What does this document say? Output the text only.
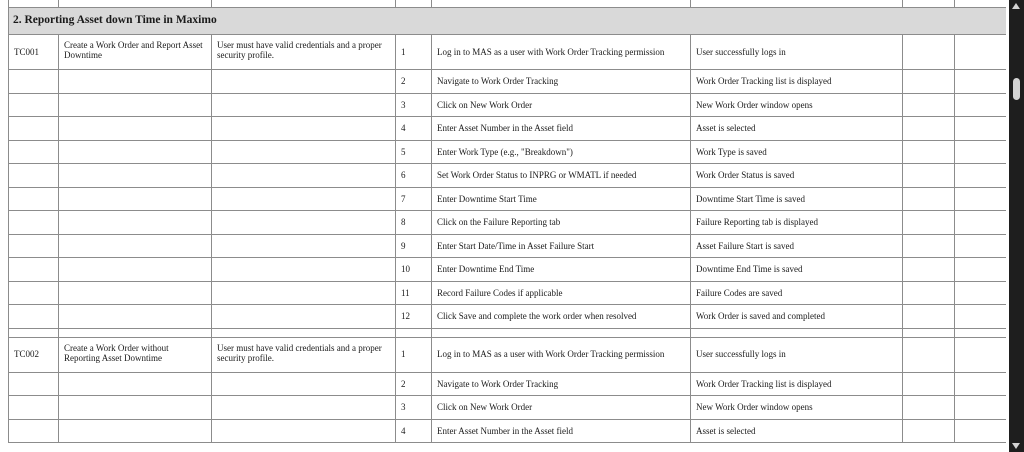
2. Reporting Asset down Time in Maximo							
TC001	Create a Work Order and Report Asset Downtime	User must have valid credentials and a proper security profile.	1	Log in to MAS as a user with Work Order Tracking permission	User successfully logs in		
			2	Navigate to Work Order Tracking	Work Order Tracking list is displayed		
			3	Click on New Work Order	New Work Order window opens		
			4	Enter Asset Number in the Asset field	Asset is selected		
			5	Enter Work Type (e.g., "Breakdown")	Work Type is saved		
			6	Set Work Order Status to INPRG or WMATL if needed	Work Order Status is saved		
			7	Enter Downtime Start Time	Downtime Start Time is saved		
			8	Click on the Failure Reporting tab	Failure Reporting tab is displayed		
			9	Enter Start Date/Time in Asset Failure Start	Asset Failure Start is saved		
			10	Enter Downtime End Time	Downtime End Time is saved		
			11	Record Failure Codes if applicable	Failure Codes are saved		
			12	Click Save and complete the work order when resolved	Work Order is saved and completed		

TC002	Create a Work Order without Reporting Asset Downtime	User must have valid credentials and a proper security profile.	1	Log in to MAS as a user with Work Order Tracking permission	User successfully logs in		
			2	Navigate to Work Order Tracking	Work Order Tracking list is displayed		
			3	Click on New Work Order	New Work Order window opens		
			4	Enter Asset Number in the Asset field	Asset is selected		
